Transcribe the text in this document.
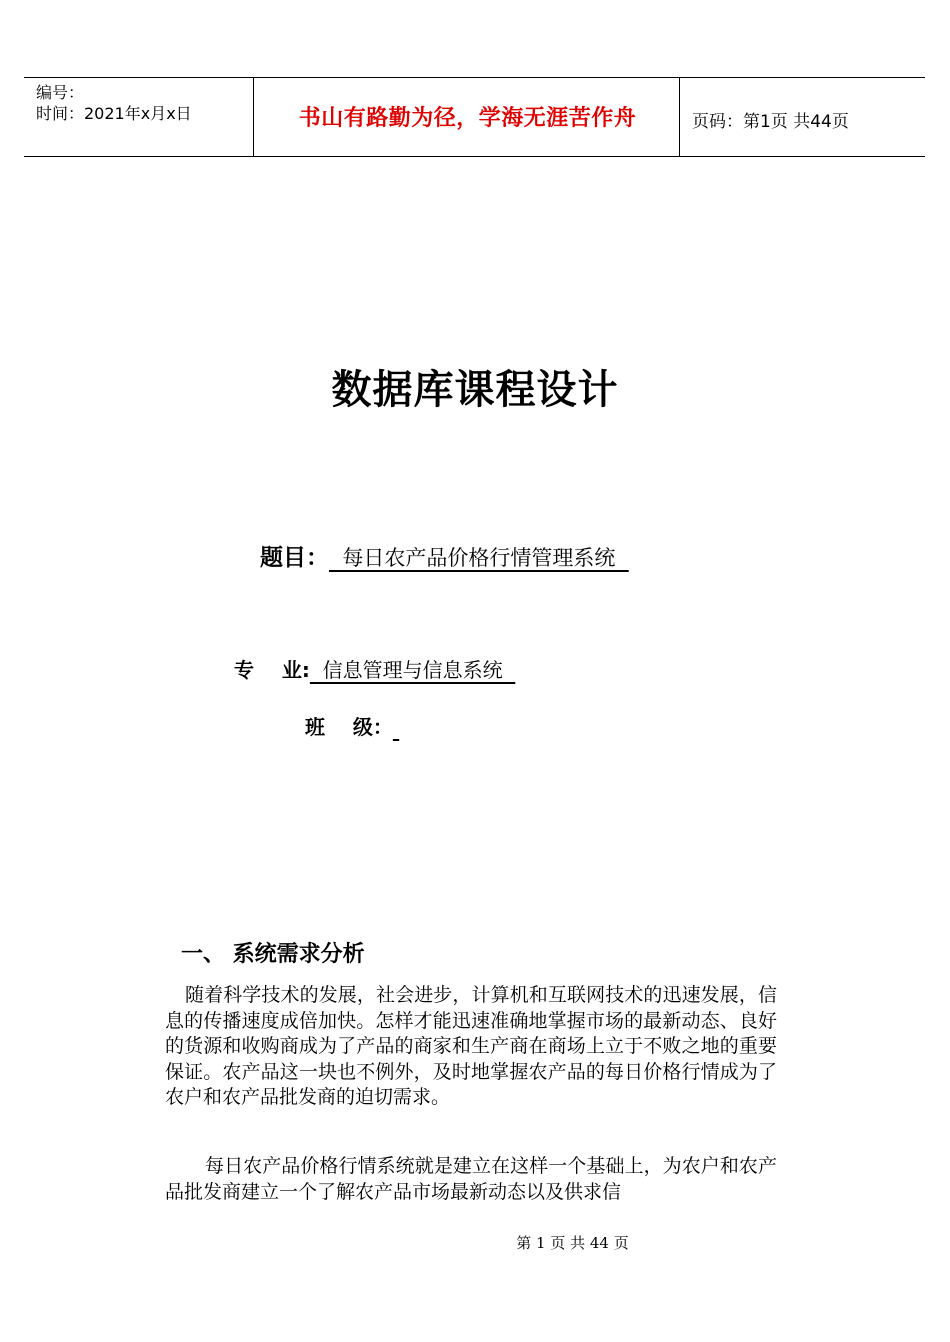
编号：
时间：2021年x月x日	书山有路勤为径，学海无涯苦作舟	页码：第1页 共44页
数据库课程设计
题目：  每日农产品价格行情管理系统
专    业:  信息管理与信息系统
班    级：
一、 系统需求分析
随着科学技术的发展，社会进步，计算机和互联网技术的迅速发展，信息的传播速度成倍加快。怎样才能迅速准确地掌握市场的最新动态、良好的货源和收购商成为了产品的商家和生产商在商场上立于不败之地的重要保证。农产品这一块也不例外，及时地掌握农产品的每日价格行情成为了农户和农产品批发商的迫切需求。
每日农产品价格行情系统就是建立在这样一个基础上，为农户和农产品批发商建立一个了解农产品市场最新动态以及供求信
第 1 页 共 44 页
